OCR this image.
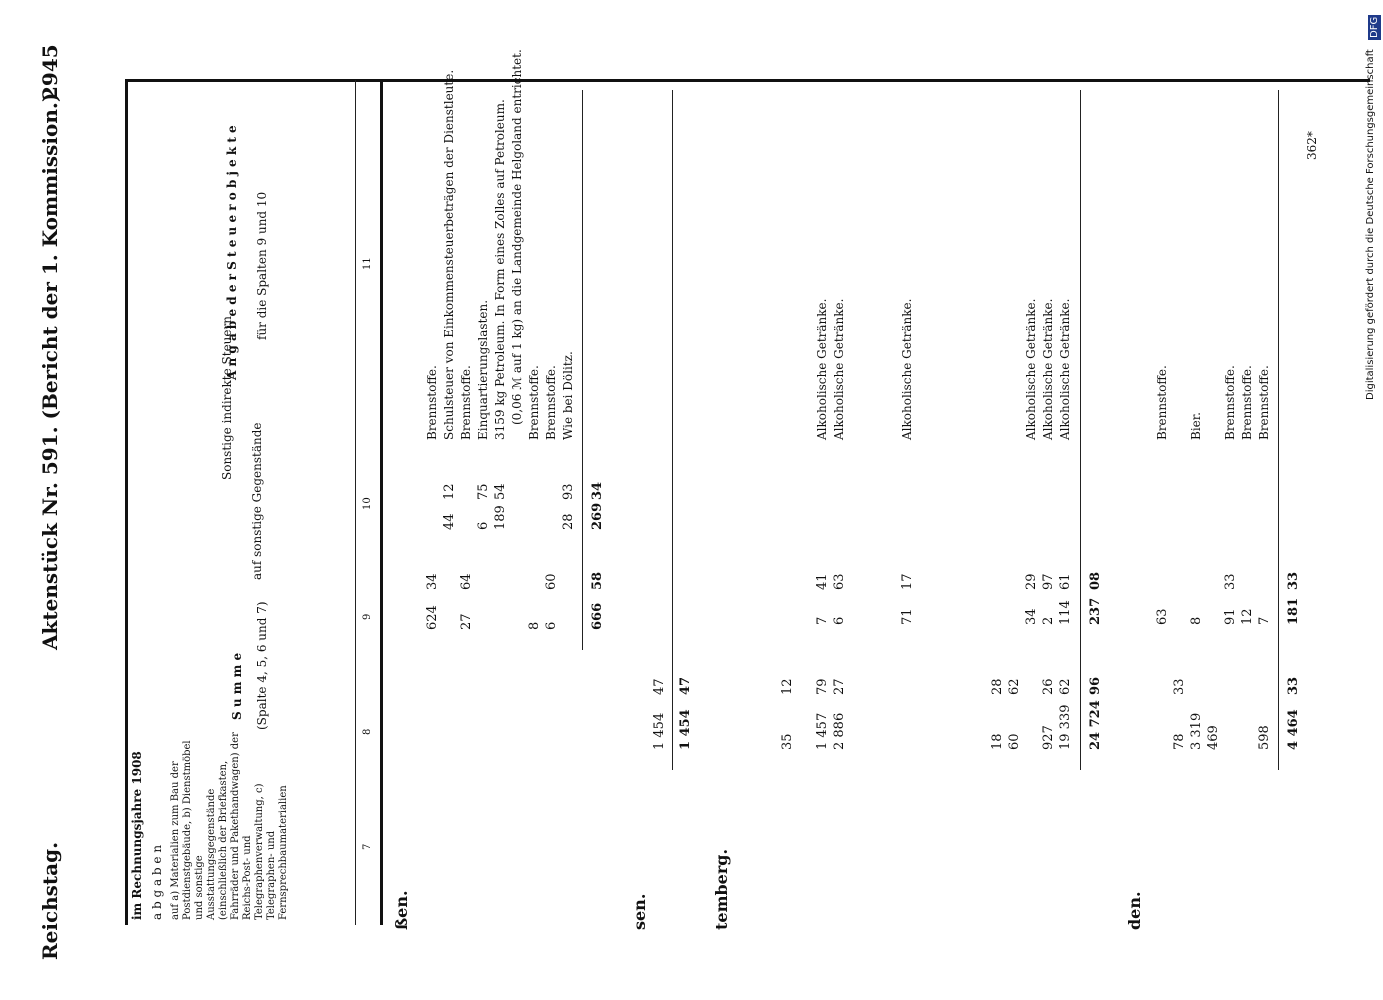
Reichstag.
Aktenstück Nr. 591. (Bericht der 1. Kommission.)
2945
im Rechnungsjahre 1908 a b g a b e n auf a) Materialien zum Bau der Postdienstgebäude, b) Dienstmöbel und sonstige Ausstattungsgegenstände (einschließlich der Briefkasten, Fahrräder und Pakethandwagen) der Reichs-Post- und Telegraphenverwaltung, c) Telegraphen- und Fernsprechbaumaterialien
S u m m e (Spalte 4, 5, 6 und 7)
auf sonstige Gegenstände
Sonstige indirekte Steuern
A n g a b e d e r S t e u e r o b j e k t e für die Spalten 9 und 10
7
8
9
10
11
ßen.
624
34
Brennstoffe.
44
12
Schulsteuer von Einkommensteuerbeträgen der Dienstleute.
27
64
Brennstoffe.
6
75
Einquartierungslasten.
189
54
3159 kg Petroleum. In Form eines Zolles auf Petroleum. (0,06 ℳ auf 1 kg) an die Landgemeinde Helgoland entrichtet.
8
Brennstoffe.
6
60
Brennstoffe.
28
93
Wie bei Dölitz.
666
58
269
34
sen.
1 454
47
1 454
47
temberg.
35
12
1 457
79
7
41
Alkoholische Getränke.
2 886
27
6
63
Alkoholische Getränke.
71
17
Alkoholische Getränke.
18
28
60
62
34
29
Alkoholische Getränke.
927
26
2
97
Alkoholische Getränke.
19 339
62
114
61
Alkoholische Getränke.
24 724
96
237
08
den.
63
Brennstoffe.
78
33
3 319
8
Bier.
469
91
33
Brennstoffe.
12
Brennstoffe.
598
7
Brennstoffe.
4 464
33
181
33
362*	Digitalisierung gefördert durch die Deutsche Forschungsgemeinschaft
DFG
